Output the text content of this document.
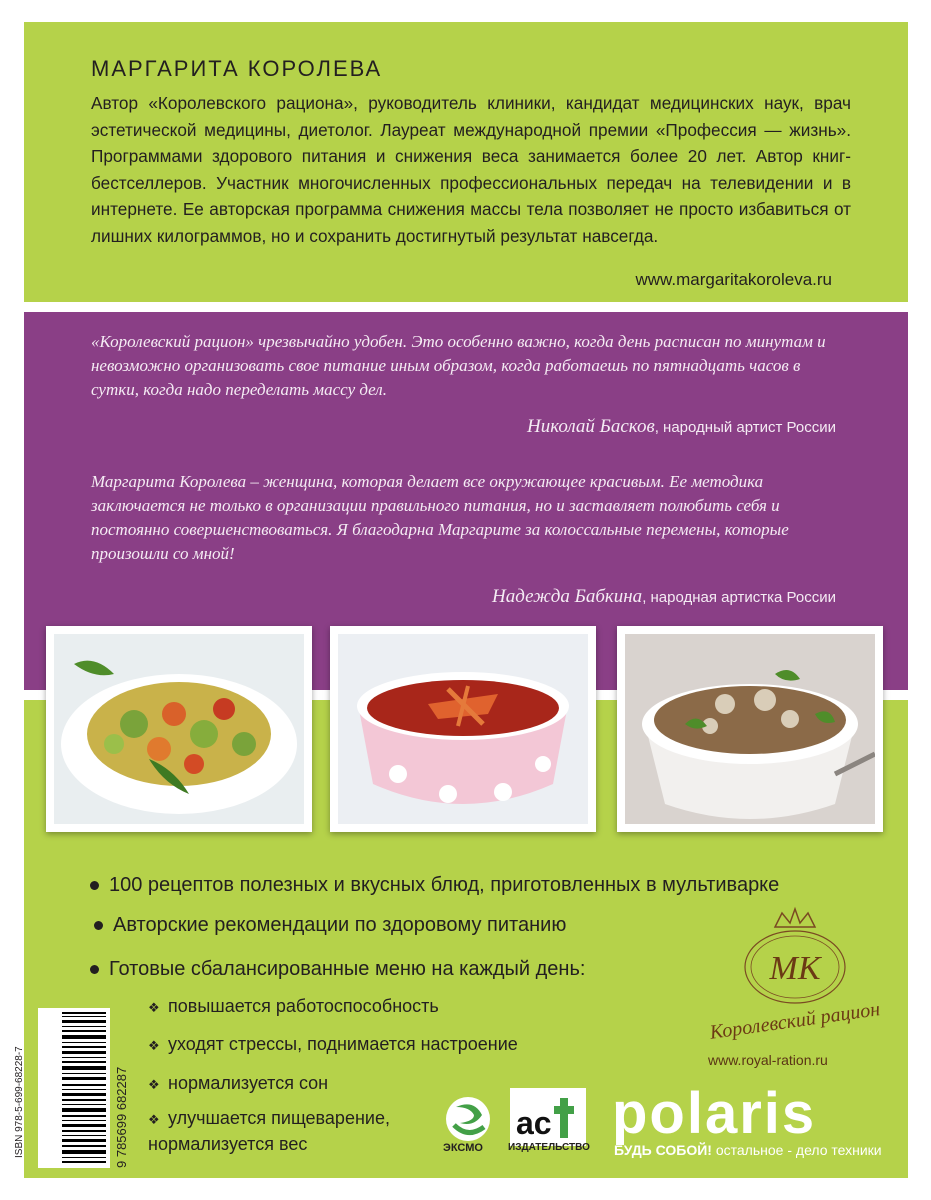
МАРГАРИТА КОРОЛЕВА
Автор «Королевского рациона», руководитель клиники, кандидат медицинских наук, врач эстетической медицины, диетолог. Лауреат международной премии «Профессия — жизнь». Программами здорового питания и снижения веса занимается более 20 лет. Автор книг-бестселлеров. Участник многочисленных профессиональных передач на телевидении и в интернете. Ее авторская программа снижения массы тела позволяет не просто избавиться от лишних килограммов, но и сохранить достигнутый результат навсегда.
www.margaritakoroleva.ru
«Королевский рацион» чрезвычайно удобен. Это особенно важно, когда день расписан по минутам и невозможно организовать свое питание иным образом, когда работаешь по пятнадцать часов в сутки, когда надо переделать массу дел.
Николай Басков, народный артист России
Маргарита Королева – женщина, которая делает все окружающее красивым. Ее методика заключается не только в организации правильного питания, но и заставляет полюбить себя и постоянно совершенствоваться. Я благодарна Маргарите за колоссальные перемены, которые произошли со мной!
Надежда Бабкина, народная артистка России
100 рецептов полезных и вкусных блюд, приготовленных в мультиварке
Авторские рекомендации по здоровому питанию
Готовые сбалансированные меню на каждый день:
❖ повышается работоспособность
❖ уходят стрессы, поднимается настроение
❖ нормализуется сон
❖ улучшается пищеварение, нормализуется вес
ISBN 978-5-699-68228-7	9 785699 682287
МК
Королевский рацион
www.royal-ration.ru
ЭКСМО
ас
ИЗДАТЕЛЬСТВО
polaris
БУДЬ СОБОЙ! остальное - дело техники
